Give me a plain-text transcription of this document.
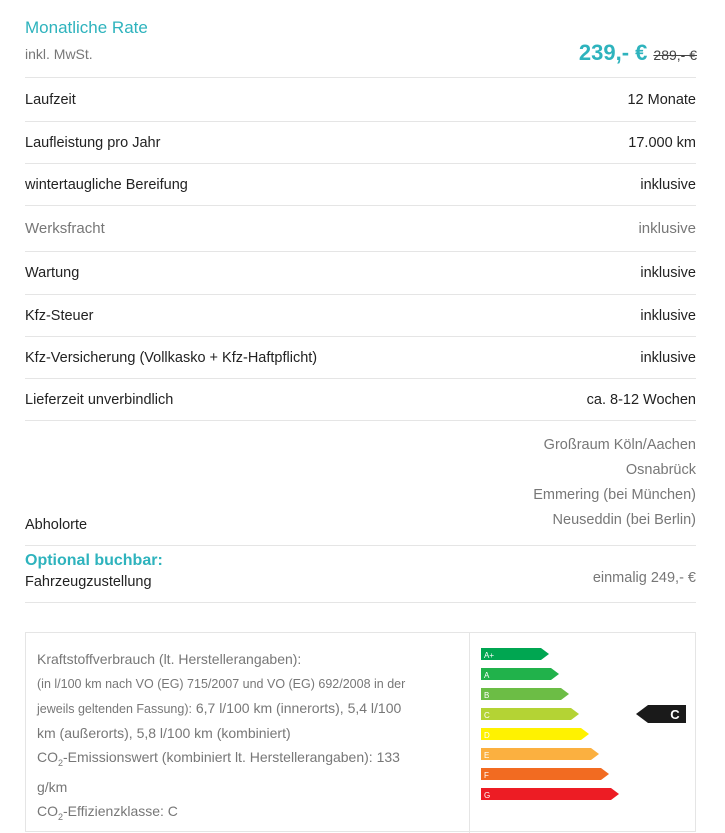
Monatliche Rate
inkl. MwSt.	239,- € 289,- €
Laufzeit	12 Monate
Laufleistung pro Jahr	17.000 km
wintertaugliche Bereifung	inklusive
Werksfracht	inklusive
Wartung	inklusive
Kfz-Steuer	inklusive
Kfz-Versicherung (Vollkasko + Kfz-Haftpflicht)	inklusive
Lieferzeit unverbindlich	ca. 8-12 Wochen
Abholorte
Großraum Köln/Aachen
Osnabrück
Emmering (bei München)
Neuseddin (bei Berlin)
Optional buchbar:
Fahrzeugzustellung	einmalig 249,- €
Kraftstoffverbrauch (lt. Herstellerangaben):
(in l/100 km nach VO (EG) 715/2007 und VO (EG) 692/2008 in der
jeweils geltenden Fassung): 6,7 l/100 km (innerorts), 5,4 l/100
km (außerorts), 5,8 l/100 km (kombiniert)
$CO_2$-Emissionswert (kombiniert lt. Herstellerangaben): 133
g/km
$CO_2$-Effizienzklasse: C
A+
A
B
C
D
E
F
G
C
